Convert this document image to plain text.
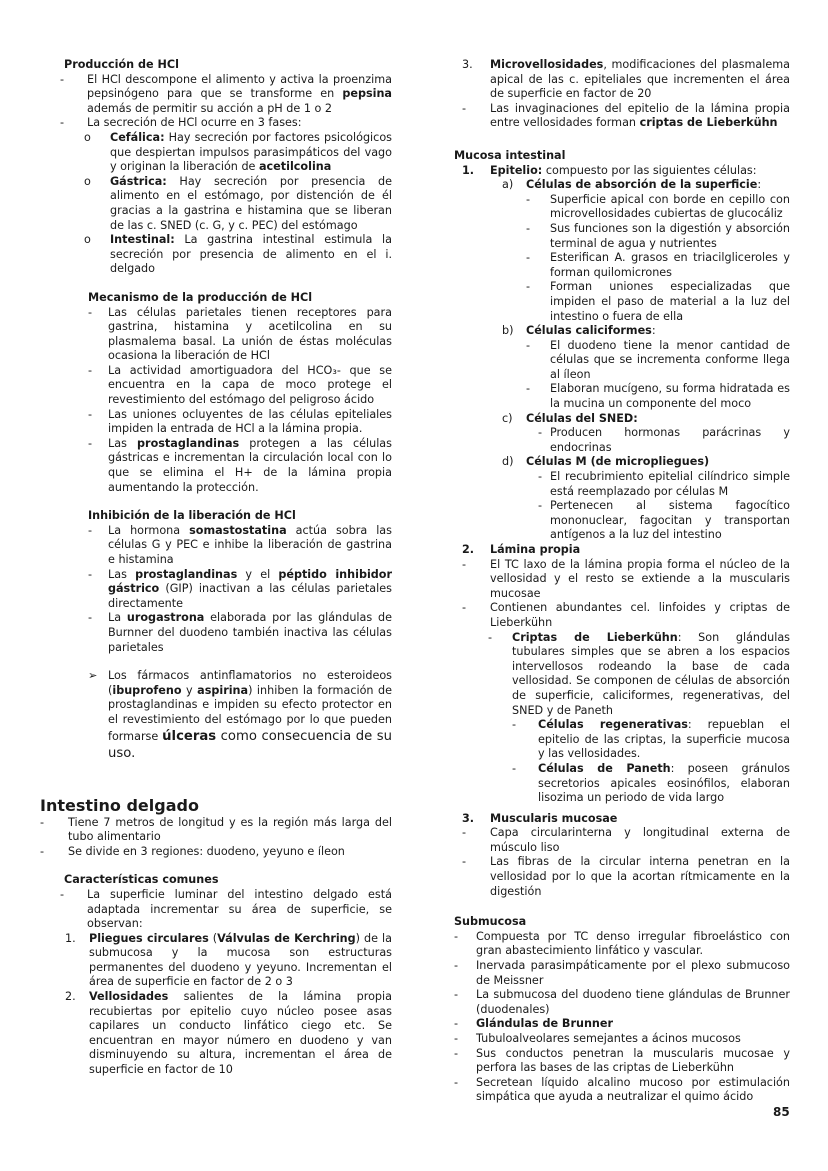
Producción de HCl
-	El HCl descompone el alimento y activa la proenzima pepsinógeno para que se transforme en pepsina además de permitir su acción a pH de 1 o 2
-	La secreción de HCl ocurre en 3 fases:
o	Cefálica: Hay secreción por factores psicológicos que despiertan impulsos parasimpáticos del vago y originan la liberación de acetilcolina
o	Gástrica: Hay secreción por presencia de alimento en el estómago, por distención de él gracias a la gastrina e histamina que se liberan de las c. SNED (c. G, y c. PEC) del estómago
o	Intestinal: La gastrina intestinal estimula la secreción por presencia de alimento en el i. delgado
Mecanismo de la producción de HCl
-	Las células parietales tienen receptores para gastrina, histamina y acetilcolina en su plasmalema basal. La unión de éstas moléculas ocasiona la liberación de HCl
-	La actividad amortiguadora del HCO₃- que se encuentra en la capa de moco protege el revestimiento del estómago del peligroso ácido
-	Las uniones ocluyentes de las células epiteliales impiden la entrada de HCl a la lámina propia.
-	Las prostaglandinas protegen a las células gástricas e incrementan la circulación local con lo que se elimina el H+ de la lámina propia aumentando la protección.
Inhibición de la liberación de HCl
-	La hormona somastostatina actúa sobra las células G y PEC e inhibe la liberación de gastrina e histamina
-	Las prostaglandinas y el péptido inhibidor gástrico (GIP) inactivan a las células parietales directamente
-	La urogastrona elaborada por las glándulas de Burnner del duodeno también inactiva las células parietales
➢ Los fármacos antinflamatorios no esteroideos (ibuprofeno y aspirina) inhiben la formación de prostaglandinas e impiden su efecto protector en el revestimiento del estómago por lo que pueden formarse úlceras como consecuencia de su uso.
Intestino delgado
-	Tiene 7 metros de longitud y es la región más larga del tubo alimentario
-	Se divide en 3 regiones: duodeno, yeyuno e íleon
Características comunes
-	La superficie luminar del intestino delgado está adaptada incrementar su área de superficie, se observan:
1.	Pliegues circulares (Válvulas de Kerchring) de la submucosa y la mucosa son estructuras permanentes del duodeno y yeyuno. Incrementan el área de superficie en factor de 2 o 3
2.	Vellosidades salientes de la lámina propia recubiertas por epitelio cuyo núcleo posee asas capilares un conducto linfático ciego etc. Se encuentran en mayor número en duodeno y van disminuyendo su altura, incrementan el área de superficie en factor de 10
3.	Microvellosidades, modificaciones del plasmalema apical de las c. epiteliales que incrementen el área de superficie en factor de 20
-	Las invaginaciones del epitelio de la lámina propia entre vellosidades forman criptas de Lieberkühn
Mucosa intestinal
1.	Epitelio: compuesto por las siguientes células:
a)	Células de absorción de la superficie:
-	Superficie apical con borde en cepillo con microvellosidades cubiertas de glucocáliz
-	Sus funciones son la digestión y absorción terminal de agua y nutrientes
-	Esterifican A. grasos en triacilgliceroles y forman quilomicrones
-	Forman uniones especializadas que impiden el paso de material a la luz del intestino o fuera de ella
b)	Células caliciformes:
-	El duodeno tiene la menor cantidad de células que se incrementa conforme llega al íleon
-	Elaboran mucígeno, su forma hidratada es la mucina un componente del moco
c)	Células del SNED:
- Producen hormonas parácrinas y endocrinas
d)	Células M (de micropliegues)
- El recubrimiento epitelial cilíndrico simple está reemplazado por células M
- Pertenecen al sistema fagocítico mononuclear, fagocitan y transportan antígenos a la luz del intestino
2.	Lámina propia
-	El TC laxo de la lámina propia forma el núcleo de la vellosidad y el resto se extiende a la muscularis mucosae
-	Contienen abundantes cel. linfoides y criptas de Lieberkühn
-	Criptas de Lieberkühn: Son glándulas tubulares simples que se abren a los espacios intervellosos rodeando la base de cada vellosidad. Se componen de células de absorción de superficie, caliciformes, regenerativas, del SNED y de Paneth
-	Células regenerativas: repueblan el epitelio de las criptas, la superficie mucosa y las vellosidades.
-	Células de Paneth: poseen gránulos secretorios apicales eosinófilos, elaboran lisozima un periodo de vida largo
3.	Muscularis mucosae
-	Capa circularinterna y longitudinal externa de músculo liso
-	Las fibras de la circular interna penetran en la vellosidad por lo que la acortan rítmicamente en la digestión
Submucosa
-	Compuesta por TC denso irregular fibroelástico con gran abastecimiento linfático y vascular.
-	Inervada parasimpáticamente por el plexo submucoso de Meissner
-	La submucosa del duodeno tiene glándulas de Brunner (duodenales)
-	Glándulas de Brunner
-	Tubuloalveolares semejantes a ácinos mucosos
-	Sus conductos penetran la muscularis mucosae y perfora las bases de las criptas de Lieberkühn
-	Secretean líquido alcalino mucoso por estimulación simpática que ayuda a neutralizar el quimo ácido
85
